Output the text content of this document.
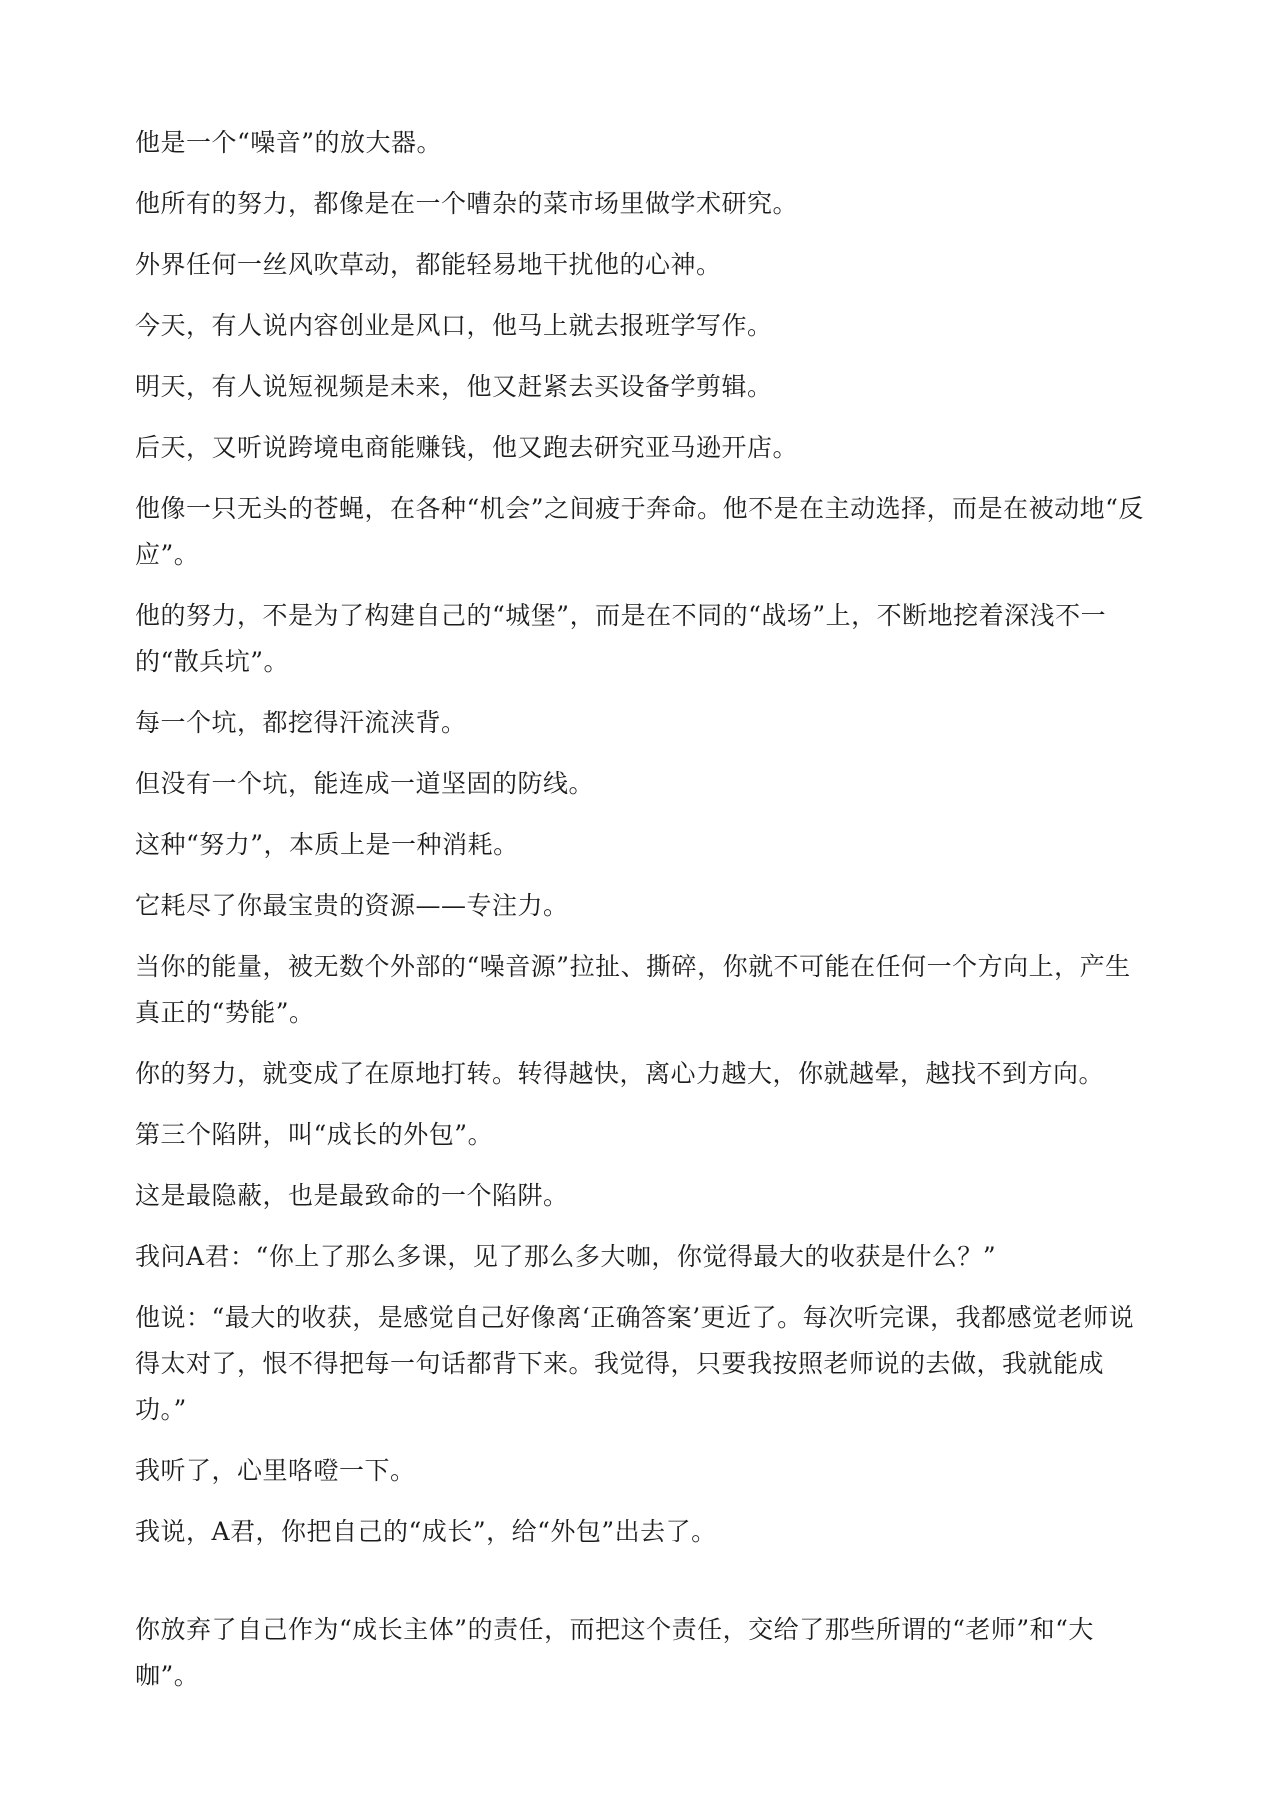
他是一个“噪音”的放大器。

他所有的努力，都像是在一个嘈杂的菜市场里做学术研究。

外界任何一丝风吹草动，都能轻易地干扰他的心神。

今天，有人说内容创业是风口，他马上就去报班学写作。

明天，有人说短视频是未来，他又赶紧去买设备学剪辑。

后天，又听说跨境电商能赚钱，他又跑去研究亚马逊开店。

他像一只无头的苍蝇，在各种“机会”之间疲于奔命。他不是在主动选择，而是在被动地“反应”。

他的努力，不是为了构建自己的“城堡”，而是在不同的“战场”上，不断地挖着深浅不一的“散兵坑”。

每一个坑，都挖得汗流浃背。

但没有一个坑，能连成一道坚固的防线。

这种“努力”，本质上是一种消耗。

它耗尽了你最宝贵的资源——专注力。

当你的能量，被无数个外部的“噪音源”拉扯、撕碎，你就不可能在任何一个方向上，产生真正的“势能”。

你的努力，就变成了在原地打转。转得越快，离心力越大，你就越晕，越找不到方向。

第三个陷阱，叫“成长的外包”。

这是最隐蔽，也是最致命的一个陷阱。

我问A君：“你上了那么多课，见了那么多大咖，你觉得最大的收获是什么？”

他说：“最大的收获，是感觉自己好像离‘正确答案’更近了。每次听完课，我都感觉老师说得太对了，恨不得把每一句话都背下来。我觉得，只要我按照老师说的去做，我就能成功。”

我听了，心里咯噔一下。

我说，A君，你把自己的“成长”，给“外包”出去了。

你放弃了自己作为“成长主体”的责任，而把这个责任，交给了那些所谓的“老师”和“大咖”。
